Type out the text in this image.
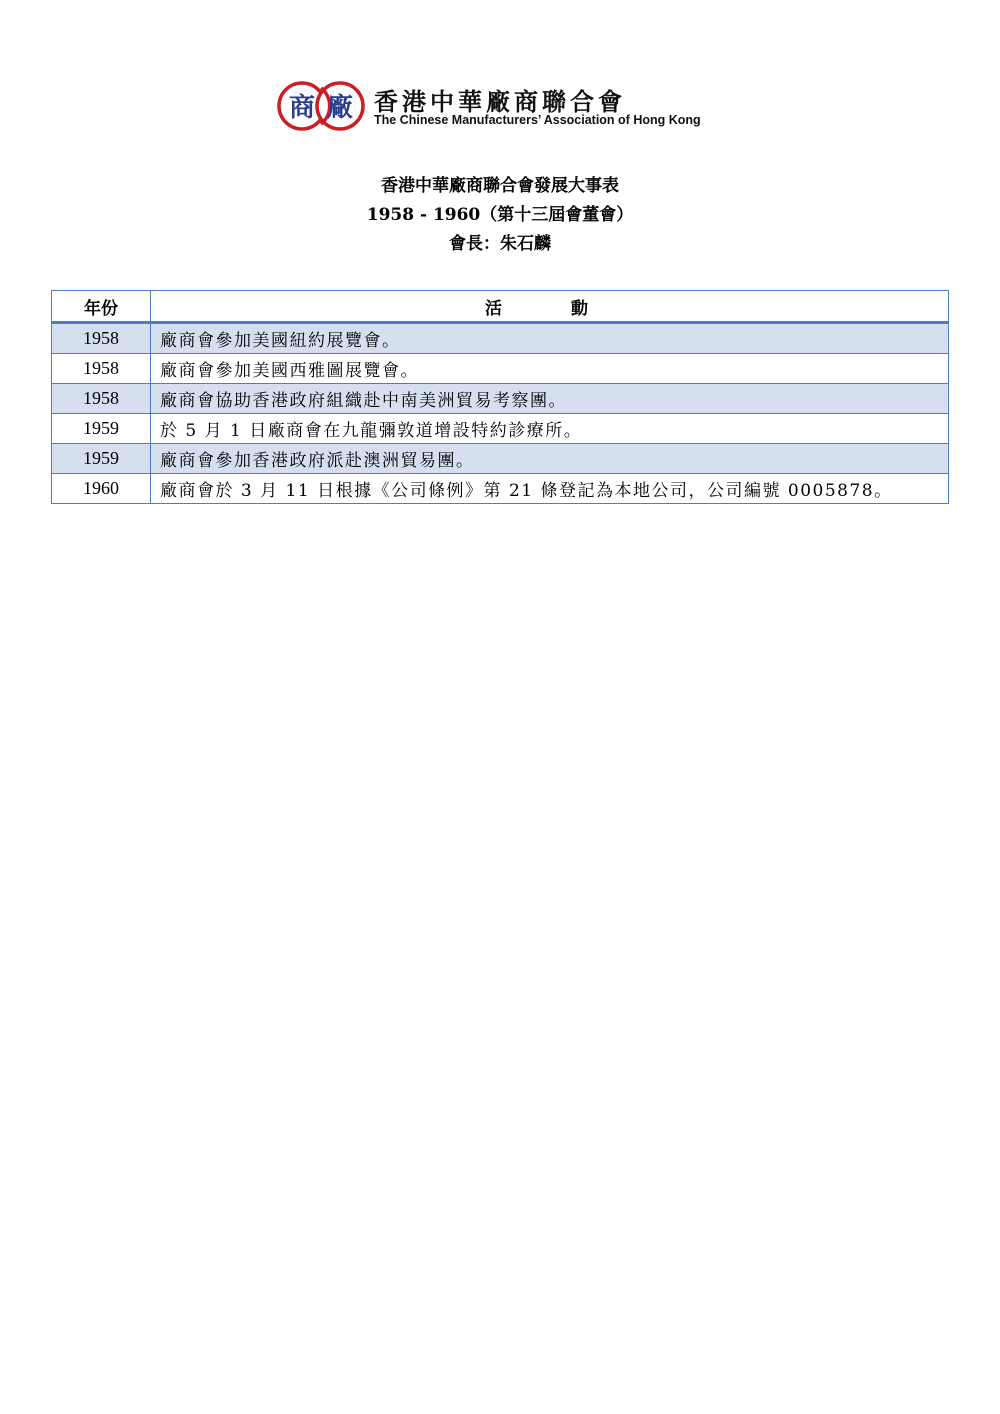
商 廠 香港中華廠商聯合會
The Chinese Manufacturers’ Association of Hong Kong
香港中華廠商聯合會發展大事表
1958 - 1960（第十三屆會董會）
會長：朱石麟
年份	活　動
1958	廠商會參加美國紐約展覽會。
1958	廠商會參加美國西雅圖展覽會。
1958	廠商會協助香港政府組織赴中南美洲貿易考察團。
1959	於 5 月 1 日廠商會在九龍彌敦道增設特約診療所。
1959	廠商會參加香港政府派赴澳洲貿易團。
1960	廠商會於 3 月 11 日根據《公司條例》第 21 條登記為本地公司，公司編號 0005878。
